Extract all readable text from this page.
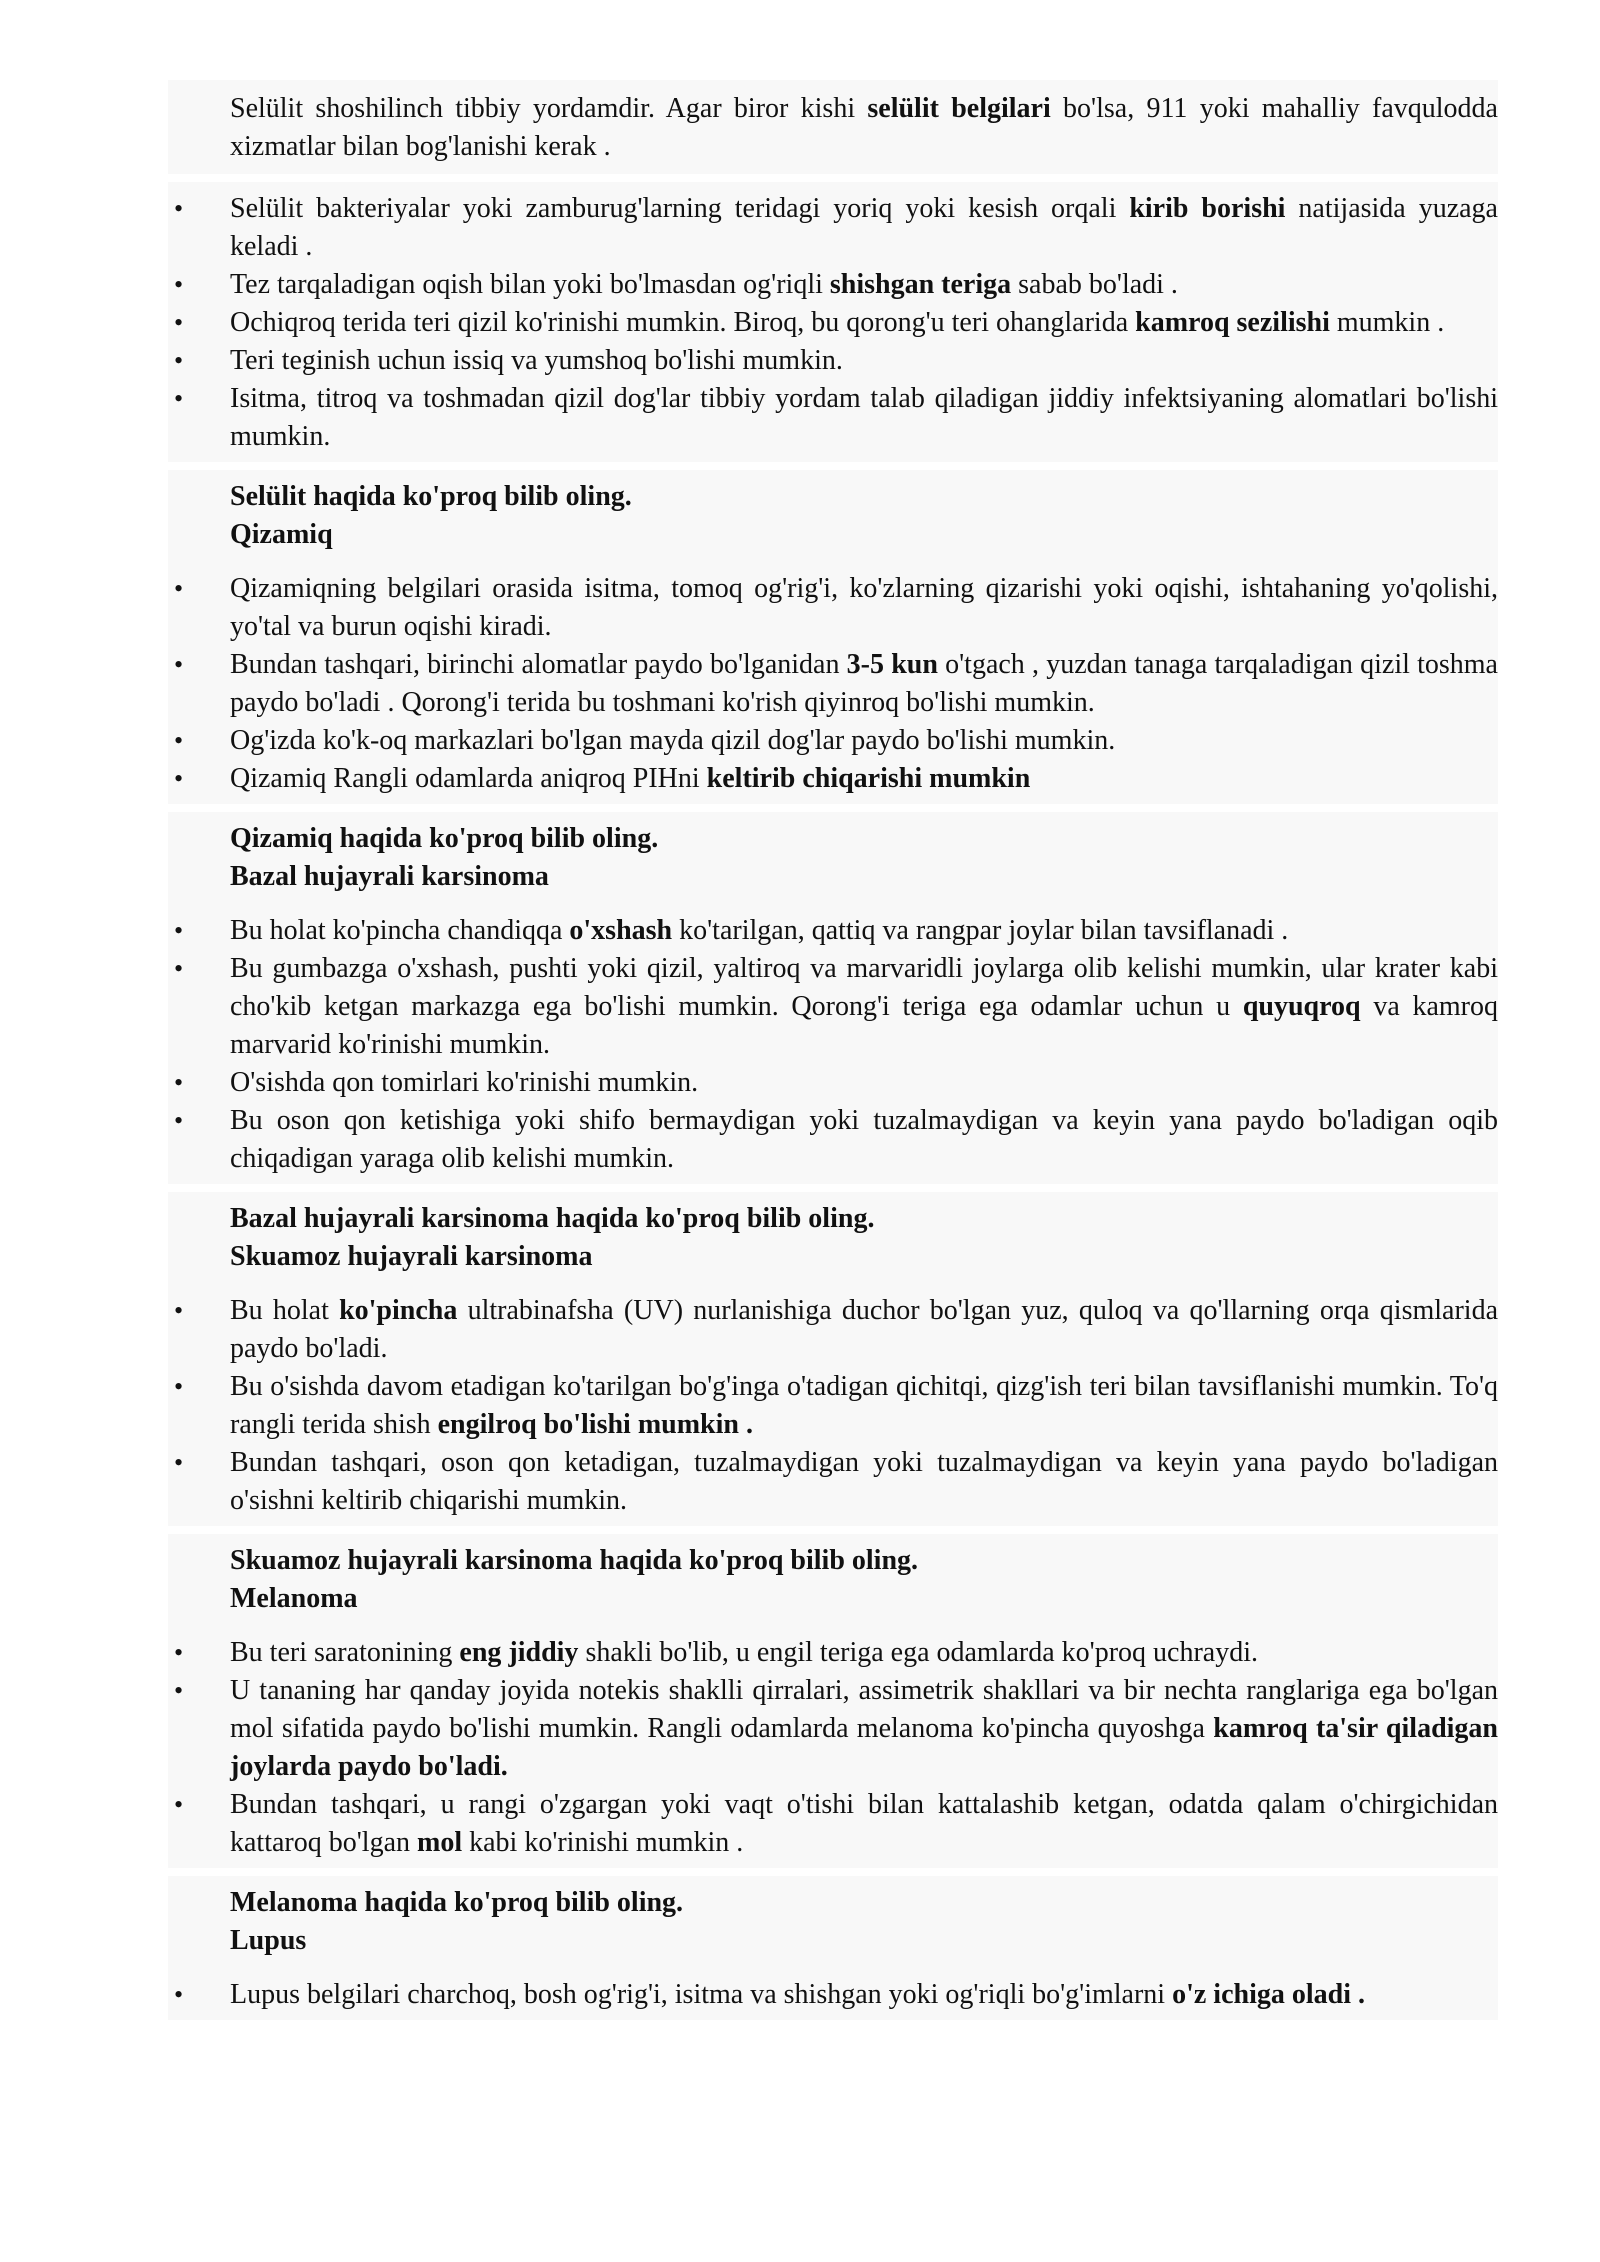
Selülit shoshilinch tibbiy yordamdir. Agar biror kishi selülit belgilari bo'lsa, 911 yoki mahalliy favqulodda xizmatlar bilan bog'lanishi kerak .

• Selülit bakteriyalar yoki zamburug'larning teridagi yoriq yoki kesish orqali kirib borishi natijasida yuzaga keladi .
• Tez tarqaladigan oqish bilan yoki bo'lmasdan og'riqli shishgan teriga sabab bo'ladi .
• Ochiqroq terida teri qizil ko'rinishi mumkin. Biroq, bu qorong'u teri ohanglarida kamroq sezilishi mumkin .
• Teri teginish uchun issiq va yumshoq bo'lishi mumkin.
• Isitma, titroq va toshmadan qizil dog'lar tibbiy yordam talab qiladigan jiddiy infektsiyaning alomatlari bo'lishi mumkin.
Selülit haqida ko'proq bilib oling.
Qizamiq
• Qizamiqning belgilari orasida isitma, tomoq og'rig'i, ko'zlarning qizarishi yoki oqishi, ishtahaning yo'qolishi, yo'tal va burun oqishi kiradi.
• Bundan tashqari, birinchi alomatlar paydo bo'lganidan 3-5 kun o'tgach , yuzdan tanaga tarqaladigan qizil toshma paydo bo'ladi . Qorong'i terida bu toshmani ko'rish qiyinroq bo'lishi mumkin.
• Og'izda ko'k-oq markazlari bo'lgan mayda qizil dog'lar paydo bo'lishi mumkin.
• Qizamiq Rangli odamlarda aniqroq PIHni keltirib chiqarishi mumkin
Qizamiq haqida ko'proq bilib oling.
Bazal hujayrali karsinoma
• Bu holat ko'pincha chandiqqa o'xshash ko'tarilgan, qattiq va rangpar joylar bilan tavsiflanadi .
• Bu gumbazga o'xshash, pushti yoki qizil, yaltiroq va marvaridli joylarga olib kelishi mumkin, ular krater kabi cho'kib ketgan markazga ega bo'lishi mumkin. Qorong'i teriga ega odamlar uchun u quyuqroq va kamroq marvarid ko'rinishi mumkin.
• O'sishda qon tomirlari ko'rinishi mumkin.
• Bu oson qon ketishiga yoki shifo bermaydigan yoki tuzalmaydigan va keyin yana paydo bo'ladigan oqib chiqadigan yaraga olib kelishi mumkin.
Bazal hujayrali karsinoma haqida ko'proq bilib oling.
Skuamoz hujayrali karsinoma
• Bu holat ko'pincha ultrabinafsha (UV) nurlanishiga duchor bo'lgan yuz, quloq va qo'llarning orqa qismlarida paydo bo'ladi.
• Bu o'sishda davom etadigan ko'tarilgan bo'g'inga o'tadigan qichitqi, qizg'ish teri bilan tavsiflanishi mumkin. To'q rangli terida shish engilroq bo'lishi mumkin .
• Bundan tashqari, oson qon ketadigan, tuzalmaydigan yoki tuzalmaydigan va keyin yana paydo bo'ladigan o'sishni keltirib chiqarishi mumkin.
Skuamoz hujayrali karsinoma haqida ko'proq bilib oling.
Melanoma
• Bu teri saratonining eng jiddiy shakli bo'lib, u engil teriga ega odamlarda ko'proq uchraydi.
• U tananing har qanday joyida notekis shaklli qirralari, assimetrik shakllari va bir nechta ranglariga ega bo'lgan mol sifatida paydo bo'lishi mumkin. Rangli odamlarda melanoma ko'pincha quyoshga kamroq ta'sir qiladigan joylarda paydo bo'ladi.
• Bundan tashqari, u rangi o'zgargan yoki vaqt o'tishi bilan kattalashib ketgan, odatda qalam o'chirgichidan kattaroq bo'lgan mol kabi ko'rinishi mumkin .
Melanoma haqida ko'proq bilib oling.
Lupus
• Lupus belgilari charchoq, bosh og'rig'i, isitma va shishgan yoki og'riqli bo'g'imlarni o'z ichiga oladi .
